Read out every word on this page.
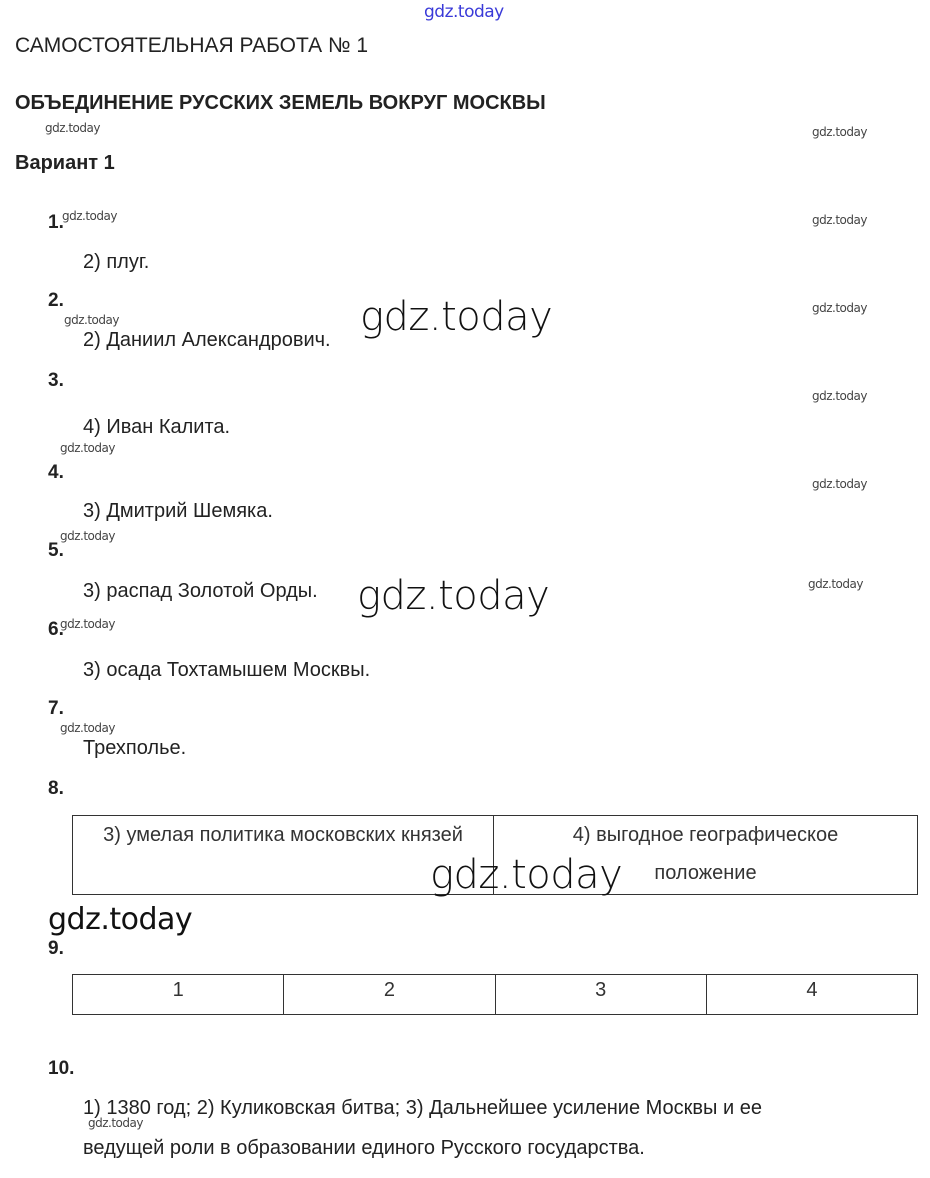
gdz.today
САМОСТОЯТЕЛЬНАЯ РАБОТА № 1
ОБЪЕДИНЕНИЕ РУССКИХ ЗЕМЕЛЬ ВОКРУГ МОСКВЫ
Вариант 1
gdz.today	gdz.today
gdz.today	gdz.today
gdz.today
gdz.today
gdz.today
gdz.today
gdz.today
gdz.today
gdz.today
gdz.today
gdz.today
gdz.today
1.
2) плуг.
2.
2) Даниил Александрович.
3.
4) Иван Калита.
4.
3) Дмитрий Шемяка.
5.
3) распад Золотой Орды.
6.
3) осада Тохтамышем Москвы.
7.
Трехполье.
8.
3) умелая политика московских князей	4) выгодное географическое положение
9.
1	2	3	4
10.
1) 1380 год; 2) Куликовская битва; 3) Дальнейшее усиление Москвы и ее
ведущей роли в образовании единого Русского государства.
gdz.today
gdz.today
gdz.today
gdz.today
